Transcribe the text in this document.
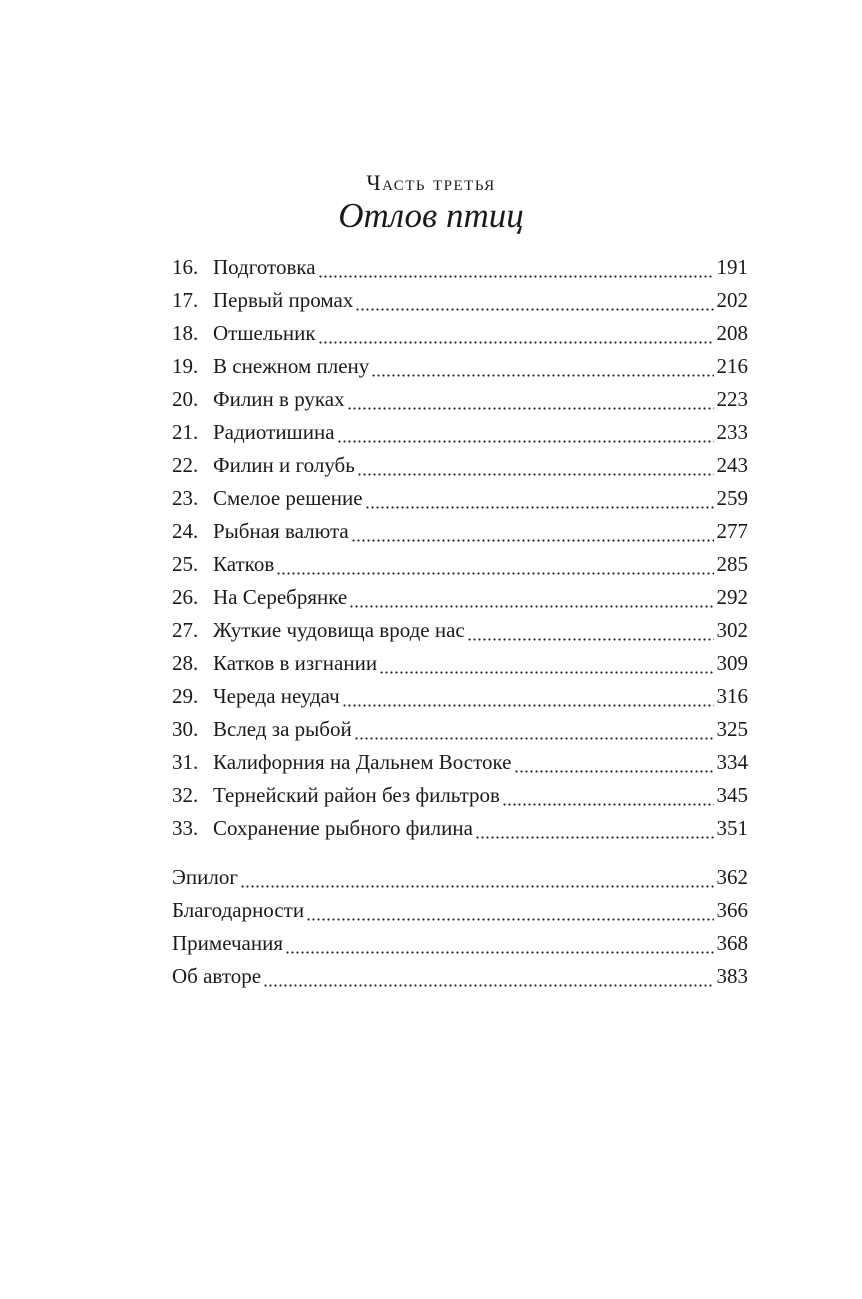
Часть третья
Отлов птиц
16. Подготовка	191
17. Первый промах	202
18. Отшельник	208
19. В снежном плену	216
20. Филин в руках	223
21. Радиотишина	233
22. Филин и голубь	243
23. Смелое решение	259
24. Рыбная валюта	277
25. Катков	285
26. На Серебрянке	292
27. Жуткие чудовища вроде нас	302
28. Катков в изгнании	309
29. Череда неудач	316
30. Вслед за рыбой	325
31. Калифорния на Дальнем Востоке	334
32. Тернейский район без фильтров	345
33. Сохранение рыбного филина	351
Эпилог	362
Благодарности	366
Примечания	368
Об авторе	383
